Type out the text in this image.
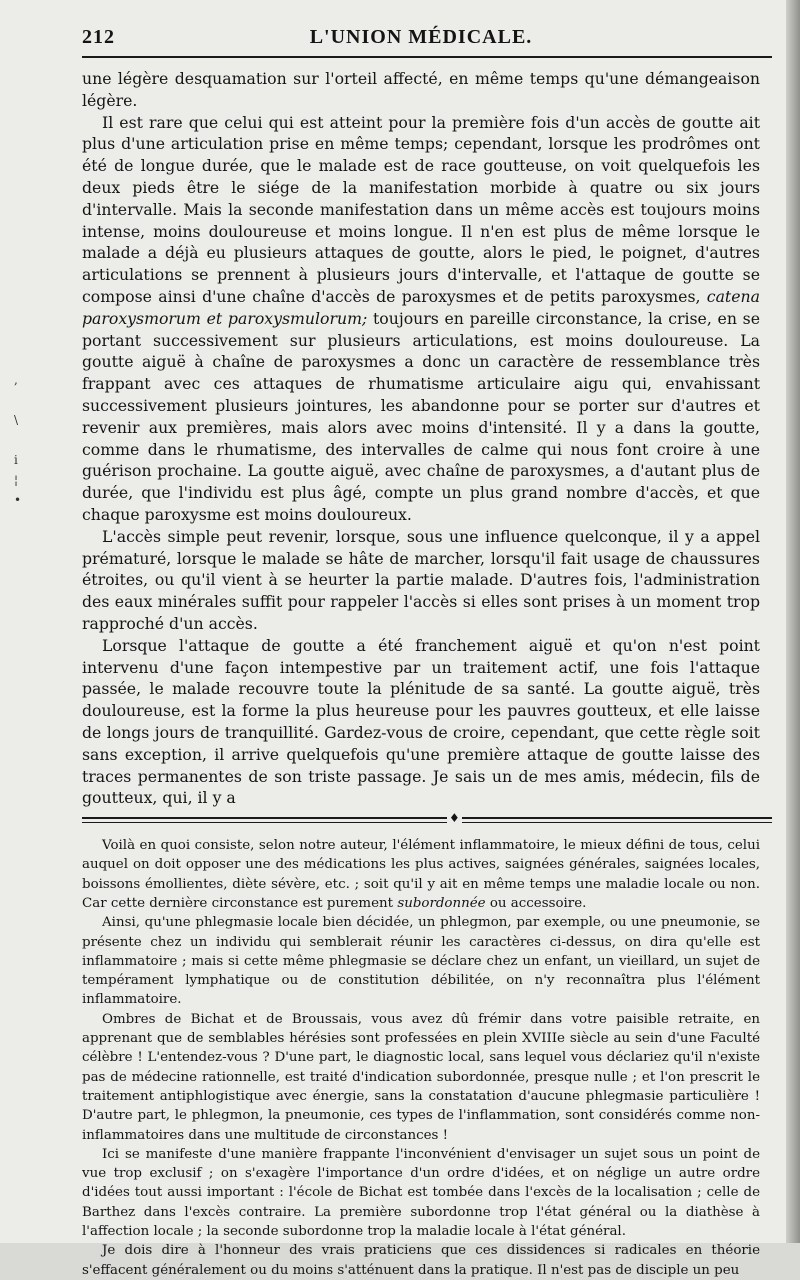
212	L'UNION MÉDICALE.
,

\

i
¦
•

une légère desquamation sur l'orteil affecté, en même temps qu'une démangeaison légère.

Il est rare que celui qui est atteint pour la première fois d'un accès de goutte ait plus d'une articulation prise en même temps; cependant, lorsque les prodrômes ont été de longue durée, que le malade est de race goutteuse, on voit quelquefois les deux pieds être le siége de la manifestation morbide à quatre ou six jours d'intervalle. Mais la seconde manifestation dans un même accès est toujours moins intense, moins douloureuse et moins longue. Il n'en est plus de même lorsque le malade a déjà eu plusieurs attaques de goutte, alors le pied, le poignet, d'autres articulations se prennent à plusieurs jours d'intervalle, et l'attaque de goutte se compose ainsi d'une chaîne d'accès de paroxysmes et de petits paroxysmes, catena paroxysmorum et paroxysmulorum; toujours en pareille circonstance, la crise, en se portant successivement sur plusieurs articulations, est moins douloureuse. La goutte aiguë à chaîne de paroxysmes a donc un caractère de ressemblance très frappant avec ces attaques de rhumatisme articulaire aigu qui, envahissant successivement plusieurs jointures, les abandonne pour se porter sur d'autres et revenir aux premières, mais alors avec moins d'intensité. Il y a dans la goutte, comme dans le rhumatisme, des intervalles de calme qui nous font croire à une guérison prochaine. La goutte aiguë, avec chaîne de paroxysmes, a d'autant plus de durée, que l'individu est plus âgé, compte un plus grand nombre d'accès, et que chaque paroxysme est moins douloureux.

L'accès simple peut revenir, lorsque, sous une influence quelconque, il y a appel prématuré, lorsque le malade se hâte de marcher, lorsqu'il fait usage de chaussures étroites, ou qu'il vient à se heurter la partie malade. D'autres fois, l'administration des eaux minérales suffit pour rappeler l'accès si elles sont prises à un moment trop rapproché d'un accès.

Lorsque l'attaque de goutte a été franchement aiguë et qu'on n'est point intervenu d'une façon intempestive par un traitement actif, une fois l'attaque passée, le malade recouvre toute la plénitude de sa santé. La goutte aiguë, très douloureuse, est la forme la plus heureuse pour les pauvres goutteux, et elle laisse de longs jours de tranquillité. Gardez-vous de croire, cependant, que cette règle soit sans exception, il arrive quelquefois qu'une première attaque de goutte laisse des traces permanentes de son triste passage. Je sais un de mes amis, médecin, fils de goutteux, qui, il y a

♦

Voilà en quoi consiste, selon notre auteur, l'élément inflammatoire, le mieux défini de tous, celui auquel on doit opposer une des médications les plus actives, saignées générales, saignées locales, boissons émollientes, diète sévère, etc. ; soit qu'il y ait en même temps une maladie locale ou non. Car cette dernière circonstance est purement subordonnée ou accessoire.

Ainsi, qu'une phlegmasie locale bien décidée, un phlegmon, par exemple, ou une pneumonie, se présente chez un individu qui semblerait réunir les caractères ci-dessus, on dira qu'elle est inflammatoire ; mais si cette même phlegmasie se déclare chez un enfant, un vieillard, un sujet de tempérament lymphatique ou de constitution débilitée, on n'y reconnaîtra plus l'élément inflammatoire.

Ombres de Bichat et de Broussais, vous avez dû frémir dans votre paisible retraite, en apprenant que de semblables hérésies sont professées en plein XVIIIe siècle au sein d'une Faculté célèbre ! L'entendez-vous ? D'une part, le diagnostic local, sans lequel vous déclariez qu'il n'existe pas de médecine rationnelle, est traité d'indication subordonnée, presque nulle ; et l'on prescrit le traitement antiphlogistique avec énergie, sans la constatation d'aucune phlegmasie particulière ! D'autre part, le phlegmon, la pneumonie, ces types de l'inflammation, sont considérés comme non-inflammatoires dans une multitude de circonstances !

Ici se manifeste d'une manière frappante l'inconvénient d'envisager un sujet sous un point de vue trop exclusif ; on s'exagère l'importance d'un ordre d'idées, et on néglige un autre ordre d'idées tout aussi important : l'école de Bichat est tombée dans l'excès de la localisation ; celle de Barthez dans l'excès contraire. La première subordonne trop l'état général ou la diathèse à l'affection locale ; la seconde subordonne trop la maladie locale à l'état général.

Je dois dire à l'honneur des vrais praticiens que ces dissidences si radicales en théorie s'effacent généralement ou du moins s'atténuent dans la pratique. Il n'est pas de disciple un peu
